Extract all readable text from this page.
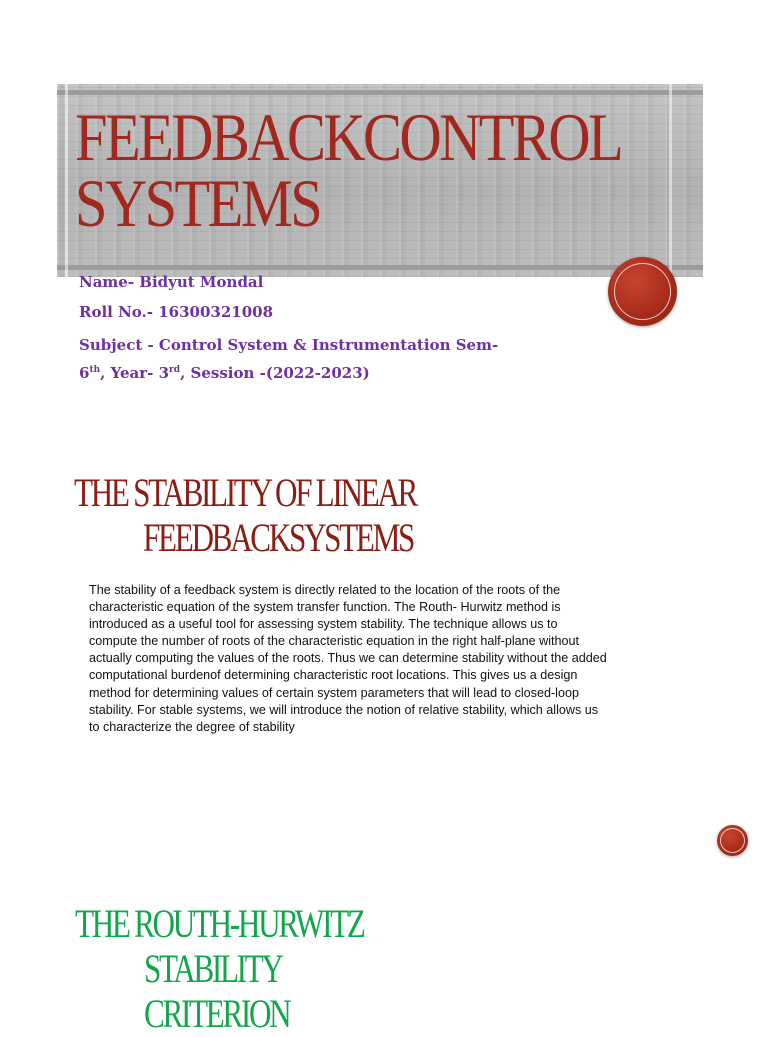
FEEDBACKCONTROL
SYSTEMS

Name- Bidyut Mondal

Roll No.- 16300321008

Subject - Control System & Instrumentation Sem-

6th, Year- 3rd, Session -(2022-2023)

THE STABILITY OF LINEAR
FEEDBACKSYSTEMS

The stability of a feedback system is directly related to the location of the roots of the characteristic equation of the system transfer function. The Routh- Hurwitz method is introduced as a useful tool for assessing system stability. The technique allows us to compute the number of roots of the characteristic equation in the right half-plane without actually computing the values of the roots. Thus we can determine stability without the added computational burdenof determining characteristic root locations. This gives us a design method for determining values of certain system parameters that will lead to closed-loop stability. For stable systems, we will introduce the notion of relative stability, which allows us to characterize the degree of stability

THE ROUTH-HURWITZ
STABILITY
CRITERION
